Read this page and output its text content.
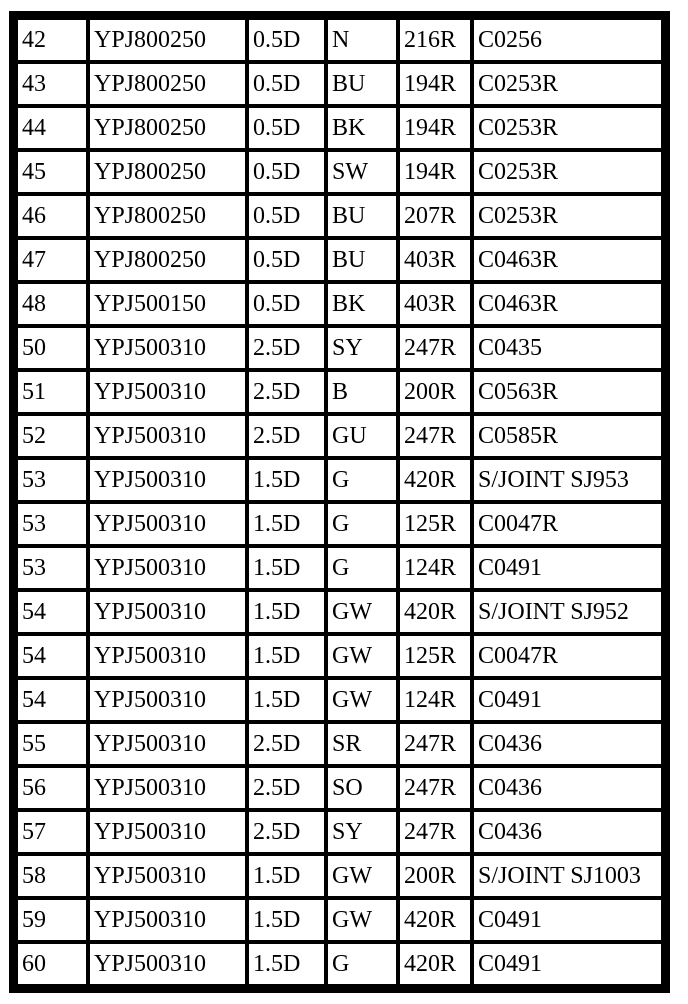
42	YPJ800250	0.5D	N	216R	C0256
43	YPJ800250	0.5D	BU	194R	C0253R
44	YPJ800250	0.5D	BK	194R	C0253R
45	YPJ800250	0.5D	SW	194R	C0253R
46	YPJ800250	0.5D	BU	207R	C0253R
47	YPJ800250	0.5D	BU	403R	C0463R
48	YPJ500150	0.5D	BK	403R	C0463R
50	YPJ500310	2.5D	SY	247R	C0435
51	YPJ500310	2.5D	B	200R	C0563R
52	YPJ500310	2.5D	GU	247R	C0585R
53	YPJ500310	1.5D	G	420R	S/JOINT SJ953
53	YPJ500310	1.5D	G	125R	C0047R
53	YPJ500310	1.5D	G	124R	C0491
54	YPJ500310	1.5D	GW	420R	S/JOINT SJ952
54	YPJ500310	1.5D	GW	125R	C0047R
54	YPJ500310	1.5D	GW	124R	C0491
55	YPJ500310	2.5D	SR	247R	C0436
56	YPJ500310	2.5D	SO	247R	C0436
57	YPJ500310	2.5D	SY	247R	C0436
58	YPJ500310	1.5D	GW	200R	S/JOINT SJ1003
59	YPJ500310	1.5D	GW	420R	C0491
60	YPJ500310	1.5D	G	420R	C0491
